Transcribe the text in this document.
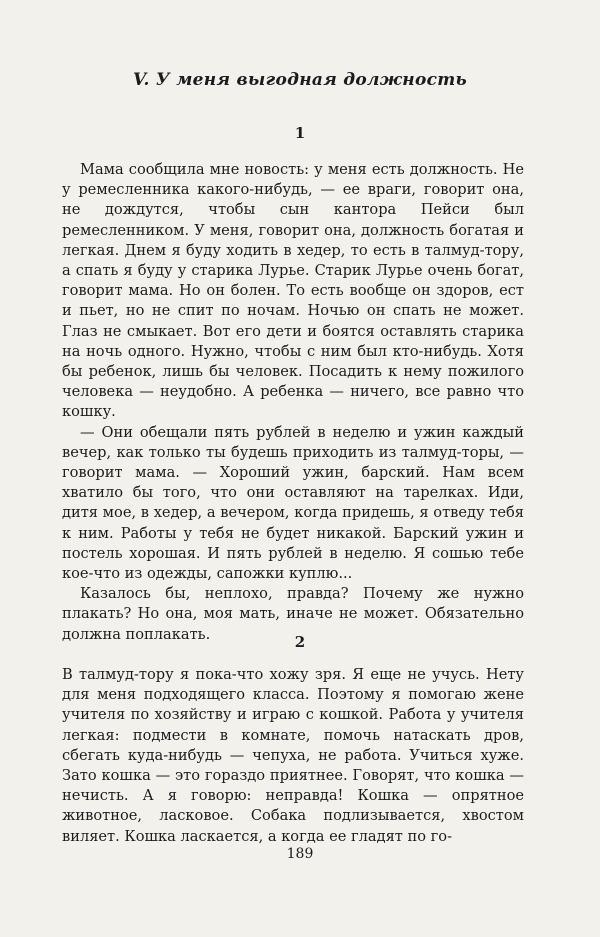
V. У меня выгодная должность
1

Мама сообщила мне новость: у меня есть должность. Не у ремесленника какого-нибудь, — ее враги, говорит она, не дождутся, чтобы сын кантора Пейси был ремесленником. У меня, говорит она, должность богатая и легкая. Днем я буду ходить в хедер, то есть в талмуд-тору, а спать я буду у старика Лурье. Старик Лурье очень богат, говорит мама. Но он болен. То есть вообще он здоров, ест и пьет, но не спит по ночам. Ночью он спать не может. Глаз не смыкает. Вот его дети и боятся оставлять старика на ночь одного. Нужно, чтобы с ним был кто-нибудь. Хотя бы ребенок, лишь бы человек. Посадить к нему пожилого человека — неудобно. А ребенка — ничего, все равно что кошку.

— Они обещали пять рублей в неделю и ужин каждый вечер, как только ты будешь приходить из талмуд-торы, — говорит мама. — Хороший ужин, барский. Нам всем хватило бы того, что они оставляют на тарелках. Иди, дитя мое, в хедер, а вечером, когда придешь, я отведу тебя к ним. Работы у тебя не будет никакой. Барский ужин и постель хорошая. И пять рублей в неделю. Я сошью тебе кое-что из одежды, сапожки куплю...

Казалось бы, неплохо, правда? Почему же нужно плакать? Но она, моя мать, иначе не может. Обязательно должна поплакать.	2

В талмуд-тору я пока-что хожу зря. Я еще не учусь. Нету для меня подходящего класса. Поэтому я помогаю жене учителя по хозяйству и играю с кошкой. Работа у учителя легкая: подмести в комнате, помочь натаскать дров, сбегать куда-нибудь — чепуха, не работа. Учиться хуже. Зато кошка — это гораздо приятнее. Говорят, что кошка — нечисть. А я говорю: неправда! Кошка — опрятное животное, ласковое. Собака подлизывается, хвостом виляет. Кошка ласкается, а когда ее гладят по го-

189
